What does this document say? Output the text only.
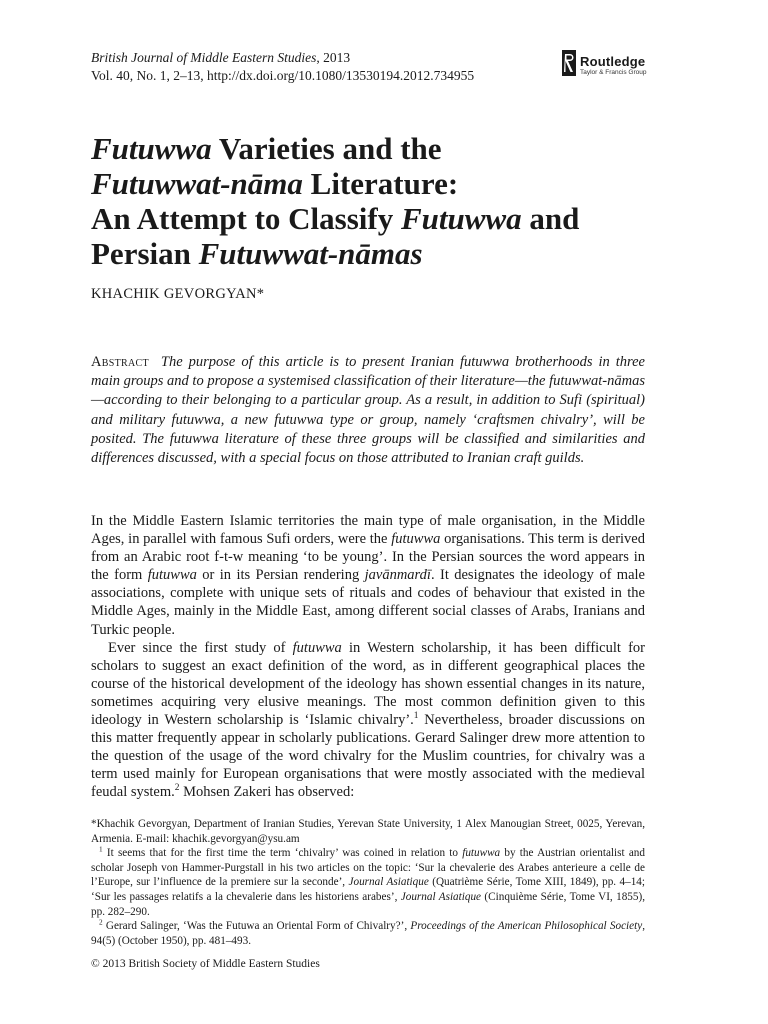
British Journal of Middle Eastern Studies, 2013
Vol. 40, No. 1, 2–13, http://dx.doi.org/10.1080/13530194.2012.734955
Routledge
Taylor & Francis Group
Futuwwa Varieties and the
Futuwwat-nāma Literature:
An Attempt to Classify Futuwwa and
Persian Futuwwat-nāmas
KHACHIK GEVORGYAN*
Abstract The purpose of this article is to present Iranian futuwwa brotherhoods in three main groups and to propose a systemised classification of their literature—the futuwwat-nāmas—according to their belonging to a particular group. As a result, in addition to Sufi (spiritual) and military futuwwa, a new futuwwa type or group, namely ‘craftsmen chivalry’, will be posited. The futuwwa literature of these three groups will be classified and similarities and differences discussed, with a special focus on those attributed to Iranian craft guilds.

In the Middle Eastern Islamic territories the main type of male organisation, in the Middle Ages, in parallel with famous Sufi orders, were the futuwwa organisations. This term is derived from an Arabic root f-t-w meaning ‘to be young’. In the Persian sources the word appears in the form futuwwa or in its Persian rendering javānmardī. It designates the ideology of male associations, complete with unique sets of rituals and codes of behaviour that existed in the Middle Ages, mainly in the Middle East, among different social classes of Arabs, Iranians and Turkic people.

Ever since the first study of futuwwa in Western scholarship, it has been difficult for scholars to suggest an exact definition of the word, as in different geographical places the course of the historical development of the ideology has shown essential changes in its nature, sometimes acquiring very elusive meanings. The most common definition given to this ideology in Western scholarship is ‘Islamic chivalry’.$^1$ Nevertheless, broader discussions on this matter frequently appear in scholarly publications. Gerard Salinger drew more attention to the question of the usage of the word chivalry for the Muslim countries, for chivalry was a term used mainly for European organisations that were mostly associated with the medieval feudal system.$^2$ Mohsen Zakeri has observed:

*Khachik Gevorgyan, Department of Iranian Studies, Yerevan State University, 1 Alex Manougian Street, 0025, Yerevan, Armenia. E-mail: khachik.gevorgyan@ysu.am

$^1$ It seems that for the first time the term ‘chivalry’ was coined in relation to futuwwa by the Austrian orientalist and scholar Joseph von Hammer-Purgstall in his two articles on the topic: ‘Sur la chevalerie des Arabes anterieure a celle de l’Europe, sur l’influence de la premiere sur la seconde’, Journal Asiatique (Quatrième Série, Tome XIII, 1849), pp. 4–14; ‘Sur les passages relatifs a la chevalerie dans les historiens arabes’, Journal Asiatique (Cinquième Série, Tome VI, 1855), pp. 282–290.

$^2$ Gerard Salinger, ‘Was the Futuwa an Oriental Form of Chivalry?’, Proceedings of the American Philosophical Society, 94(5) (October 1950), pp. 481–493.

© 2013 British Society of Middle Eastern Studies
